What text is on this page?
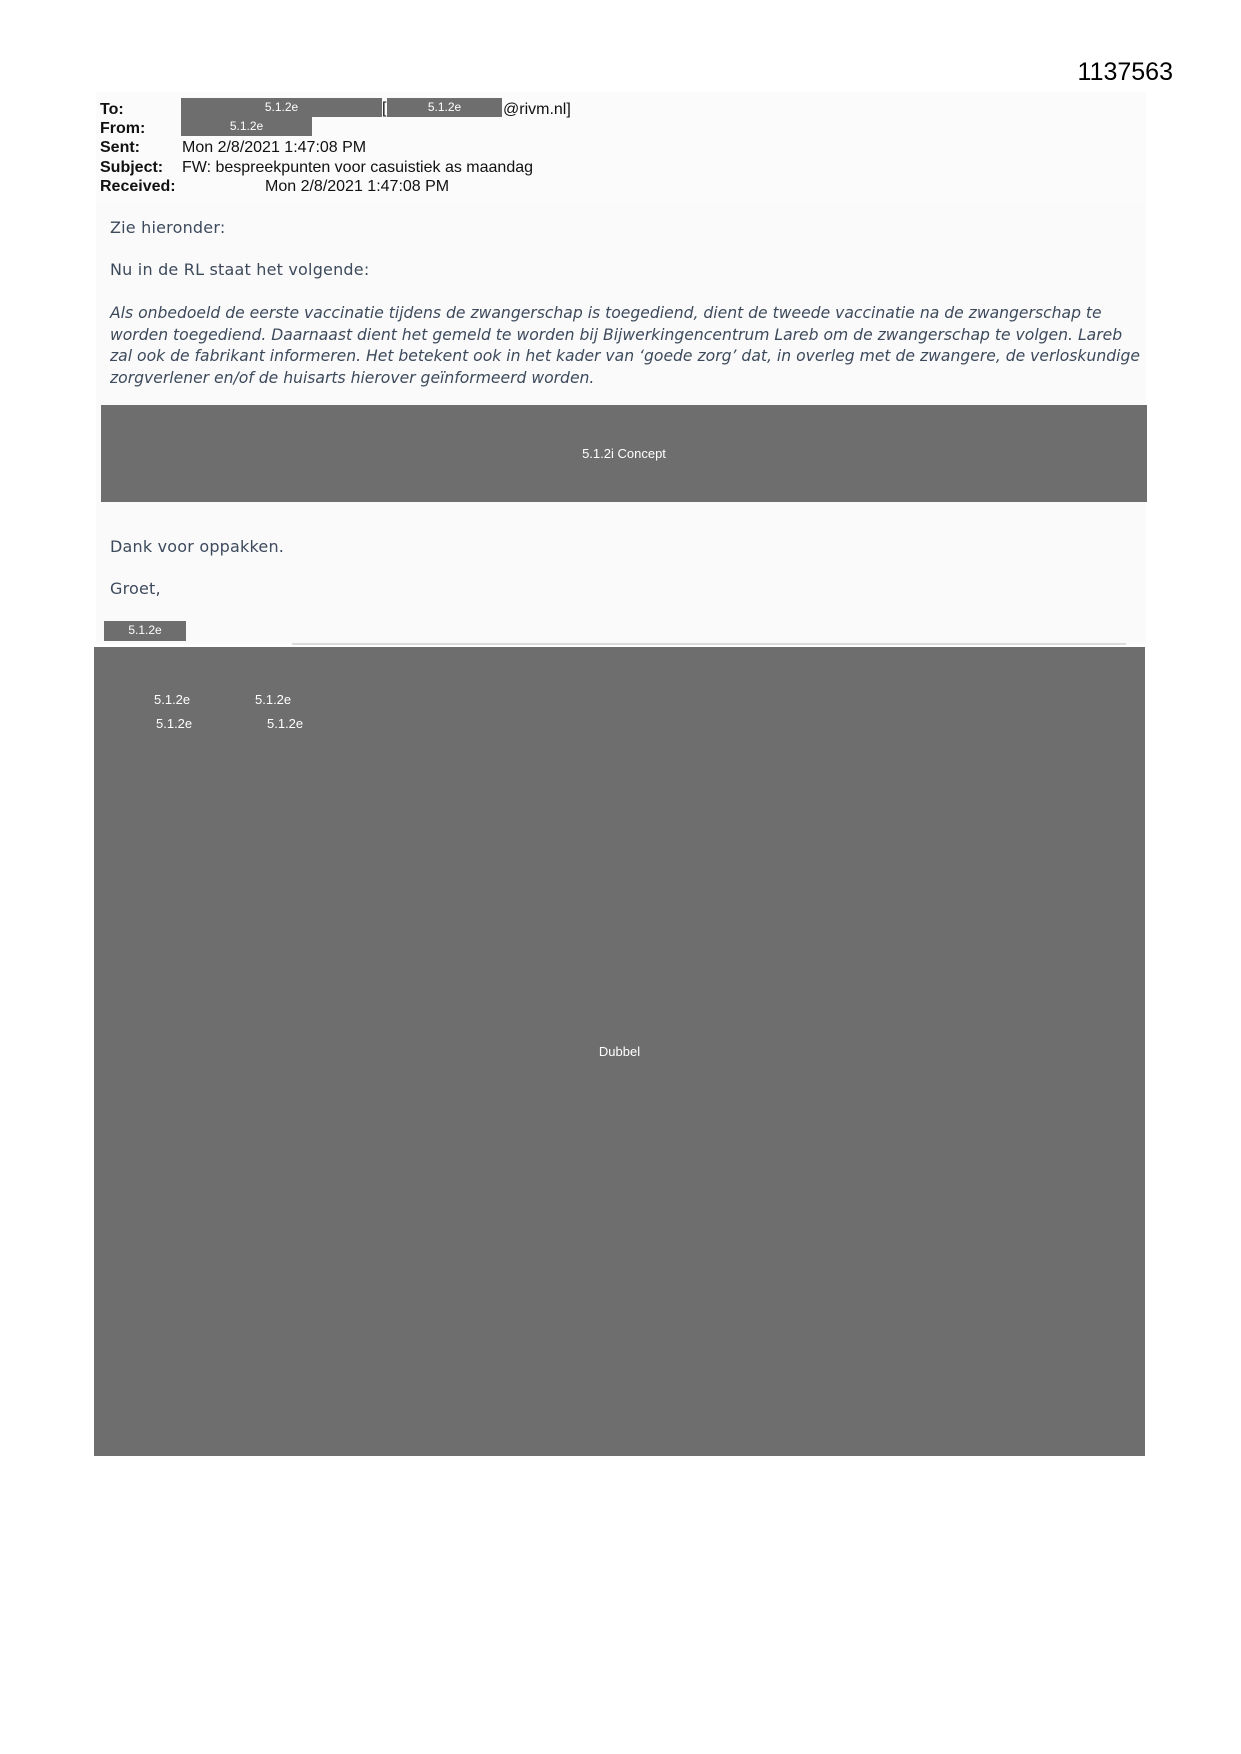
1137563
To:	5.1.2e	[	5.1.2e	@rivm.nl]
From:	5.1.2e
Sent:	Mon 2/8/2021 1:47:08 PM
Subject: FW: bespreekpunten voor casuistiek as maandag
Received:	Mon 2/8/2021 1:47:08 PM
Zie hieronder:
Nu in de RL staat het volgende:
Als onbedoeld de eerste vaccinatie tijdens de zwangerschap is toegediend, dient de tweede vaccinatie na de zwangerschap te worden toegediend. Daarnaast dient het gemeld te worden bij Bijwerkingencentrum Lareb om de zwangerschap te volgen. Lareb zal ook de fabrikant informeren. Het betekent ook in het kader van ‘goede zorg’ dat, in overleg met de zwangere, de verloskundige zorgverlener en/of de huisarts hierover geïnformeerd worden.
5.1.2i Concept
Dank voor oppakken.
Groet,
5.1.2e
5.1.2e	5.1.2e
5.1.2e	5.1.2e
Dubbel
